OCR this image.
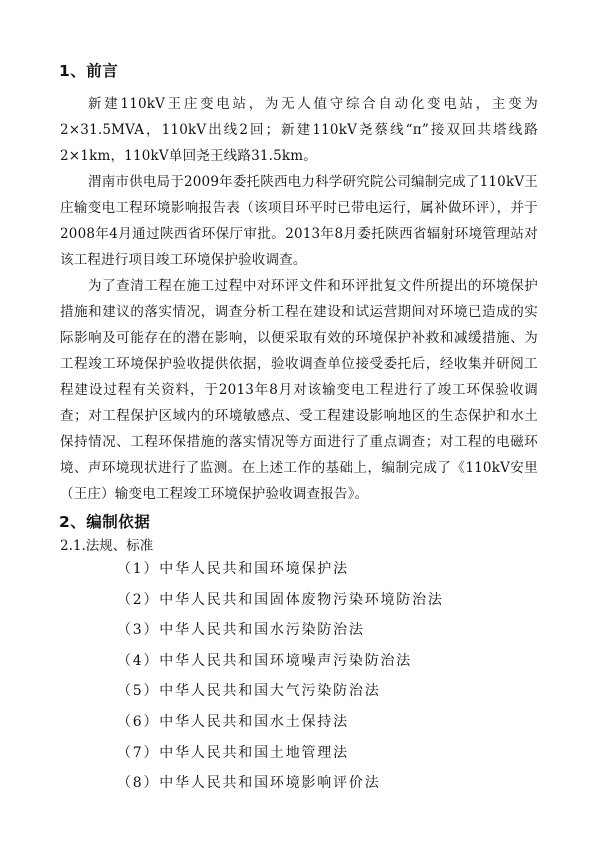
1、前言
新建110kV王庄变电站，为无人值守综合自动化变电站，主变为2×31.5MVA，110kV出线2回；新建110kV尧蔡线“π”接双回共塔线路2×1km，110kV单回尧王线路31.5km。
渭南市供电局于2009年委托陕西电力科学研究院公司编制完成了110kV王庄输变电工程环境影响报告表（该项目环平时已带电运行，属补做环评），并于2008年4月通过陕西省环保厅审批。2013年8月委托陕西省辐射环境管理站对该工程进行项目竣工环境保护验收调查。
为了查清工程在施工过程中对环评文件和环评批复文件所提出的环境保护措施和建议的落实情况，调查分析工程在建设和试运营期间对环境已造成的实际影响及可能存在的潜在影响，以便采取有效的环境保护补救和减缓措施、为工程竣工环境保护验收提供依据，验收调查单位接受委托后，经收集并研阅工程建设过程有关资料，于2013年8月对该输变电工程进行了竣工环保验收调查；对工程保护区域内的环境敏感点、受工程建设影响地区的生态保护和水土保持情况、工程环保措施的落实情况等方面进行了重点调查；对工程的电磁环境、声环境现状进行了监测。在上述工作的基础上，编制完成了《110kV安里（王庄）输变电工程竣工环境保护验收调查报告》。
2、编制依据
2.1.法规、标准
（1）中华人民共和国环境保护法
（2）中华人民共和国固体废物污染环境防治法
（3）中华人民共和国水污染防治法
（4）中华人民共和国环境噪声污染防治法
（5）中华人民共和国大气污染防治法
（6）中华人民共和国水土保持法
（7）中华人民共和国土地管理法
（8）中华人民共和国环境影响评价法
